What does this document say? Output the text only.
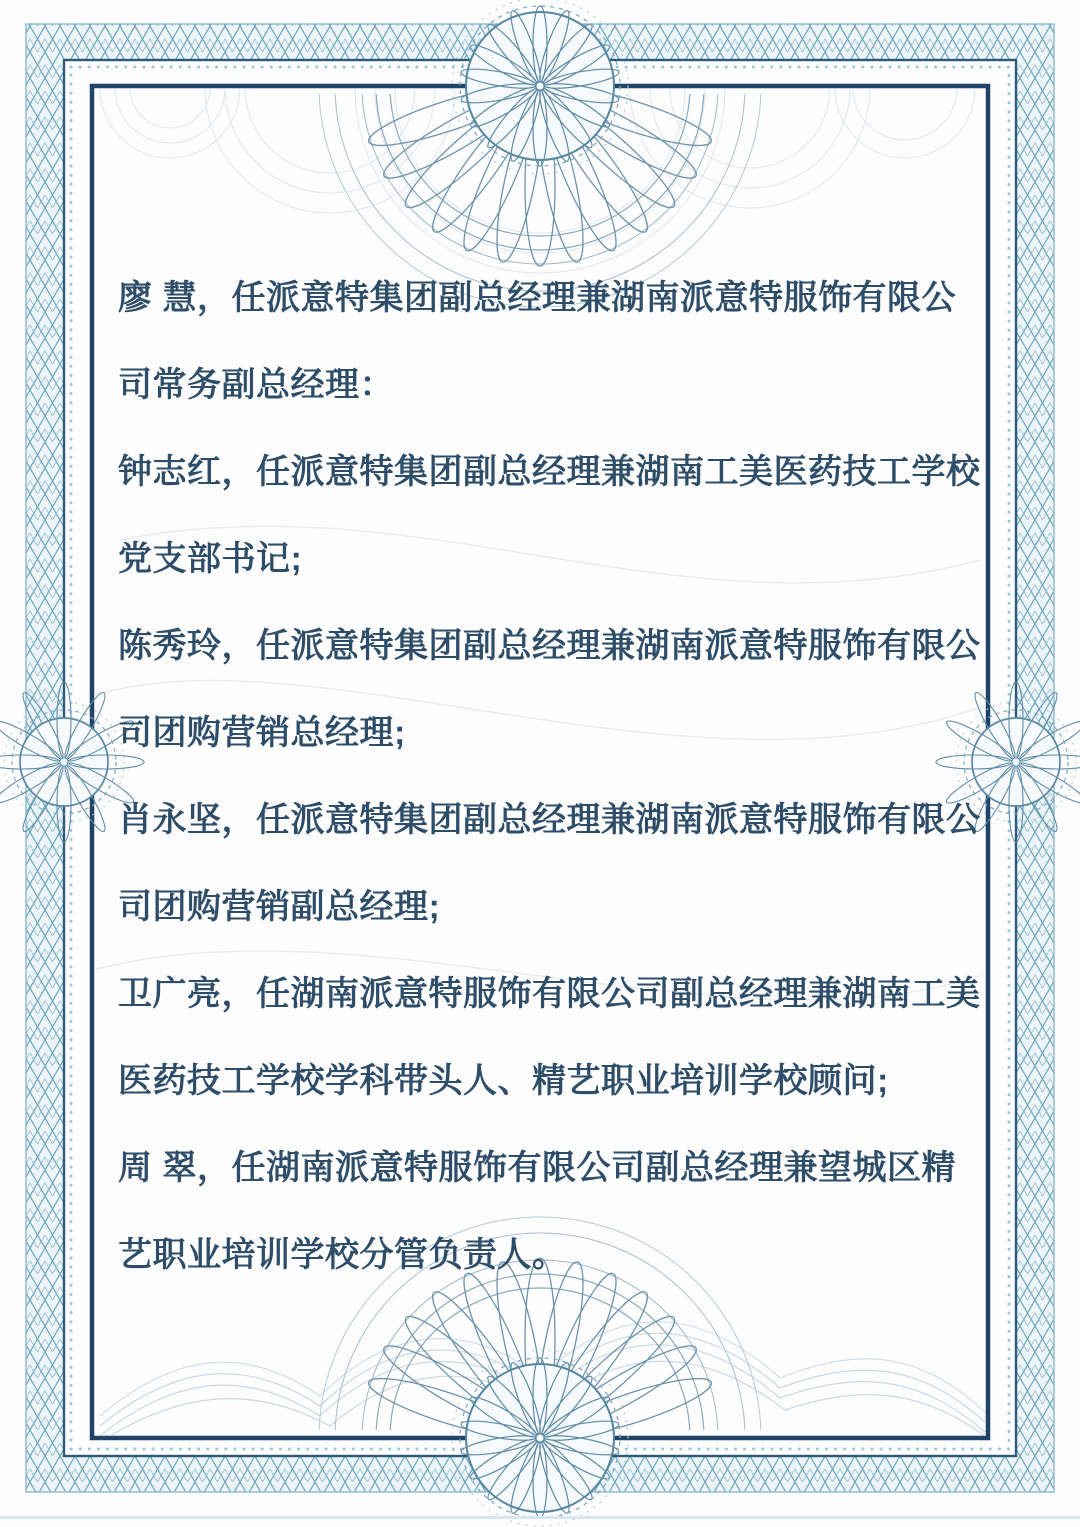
廖 慧，任派意特集团副总经理兼湖南派意特服饰有限公司常务副总经理：

钟志红，任派意特集团副总经理兼湖南工美医药技工学校党支部书记;

陈秀玲，任派意特集团副总经理兼湖南派意特服饰有限公司团购营销总经理;

肖永坚，任派意特集团副总经理兼湖南派意特服饰有限公司团购营销副总经理;

卫广亮，任湖南派意特服饰有限公司副总经理兼湖南工美医药技工学校学科带头人、精艺职业培训学校顾问;

周 翠，任湖南派意特服饰有限公司副总经理兼望城区精艺职业培训学校分管负责人。
